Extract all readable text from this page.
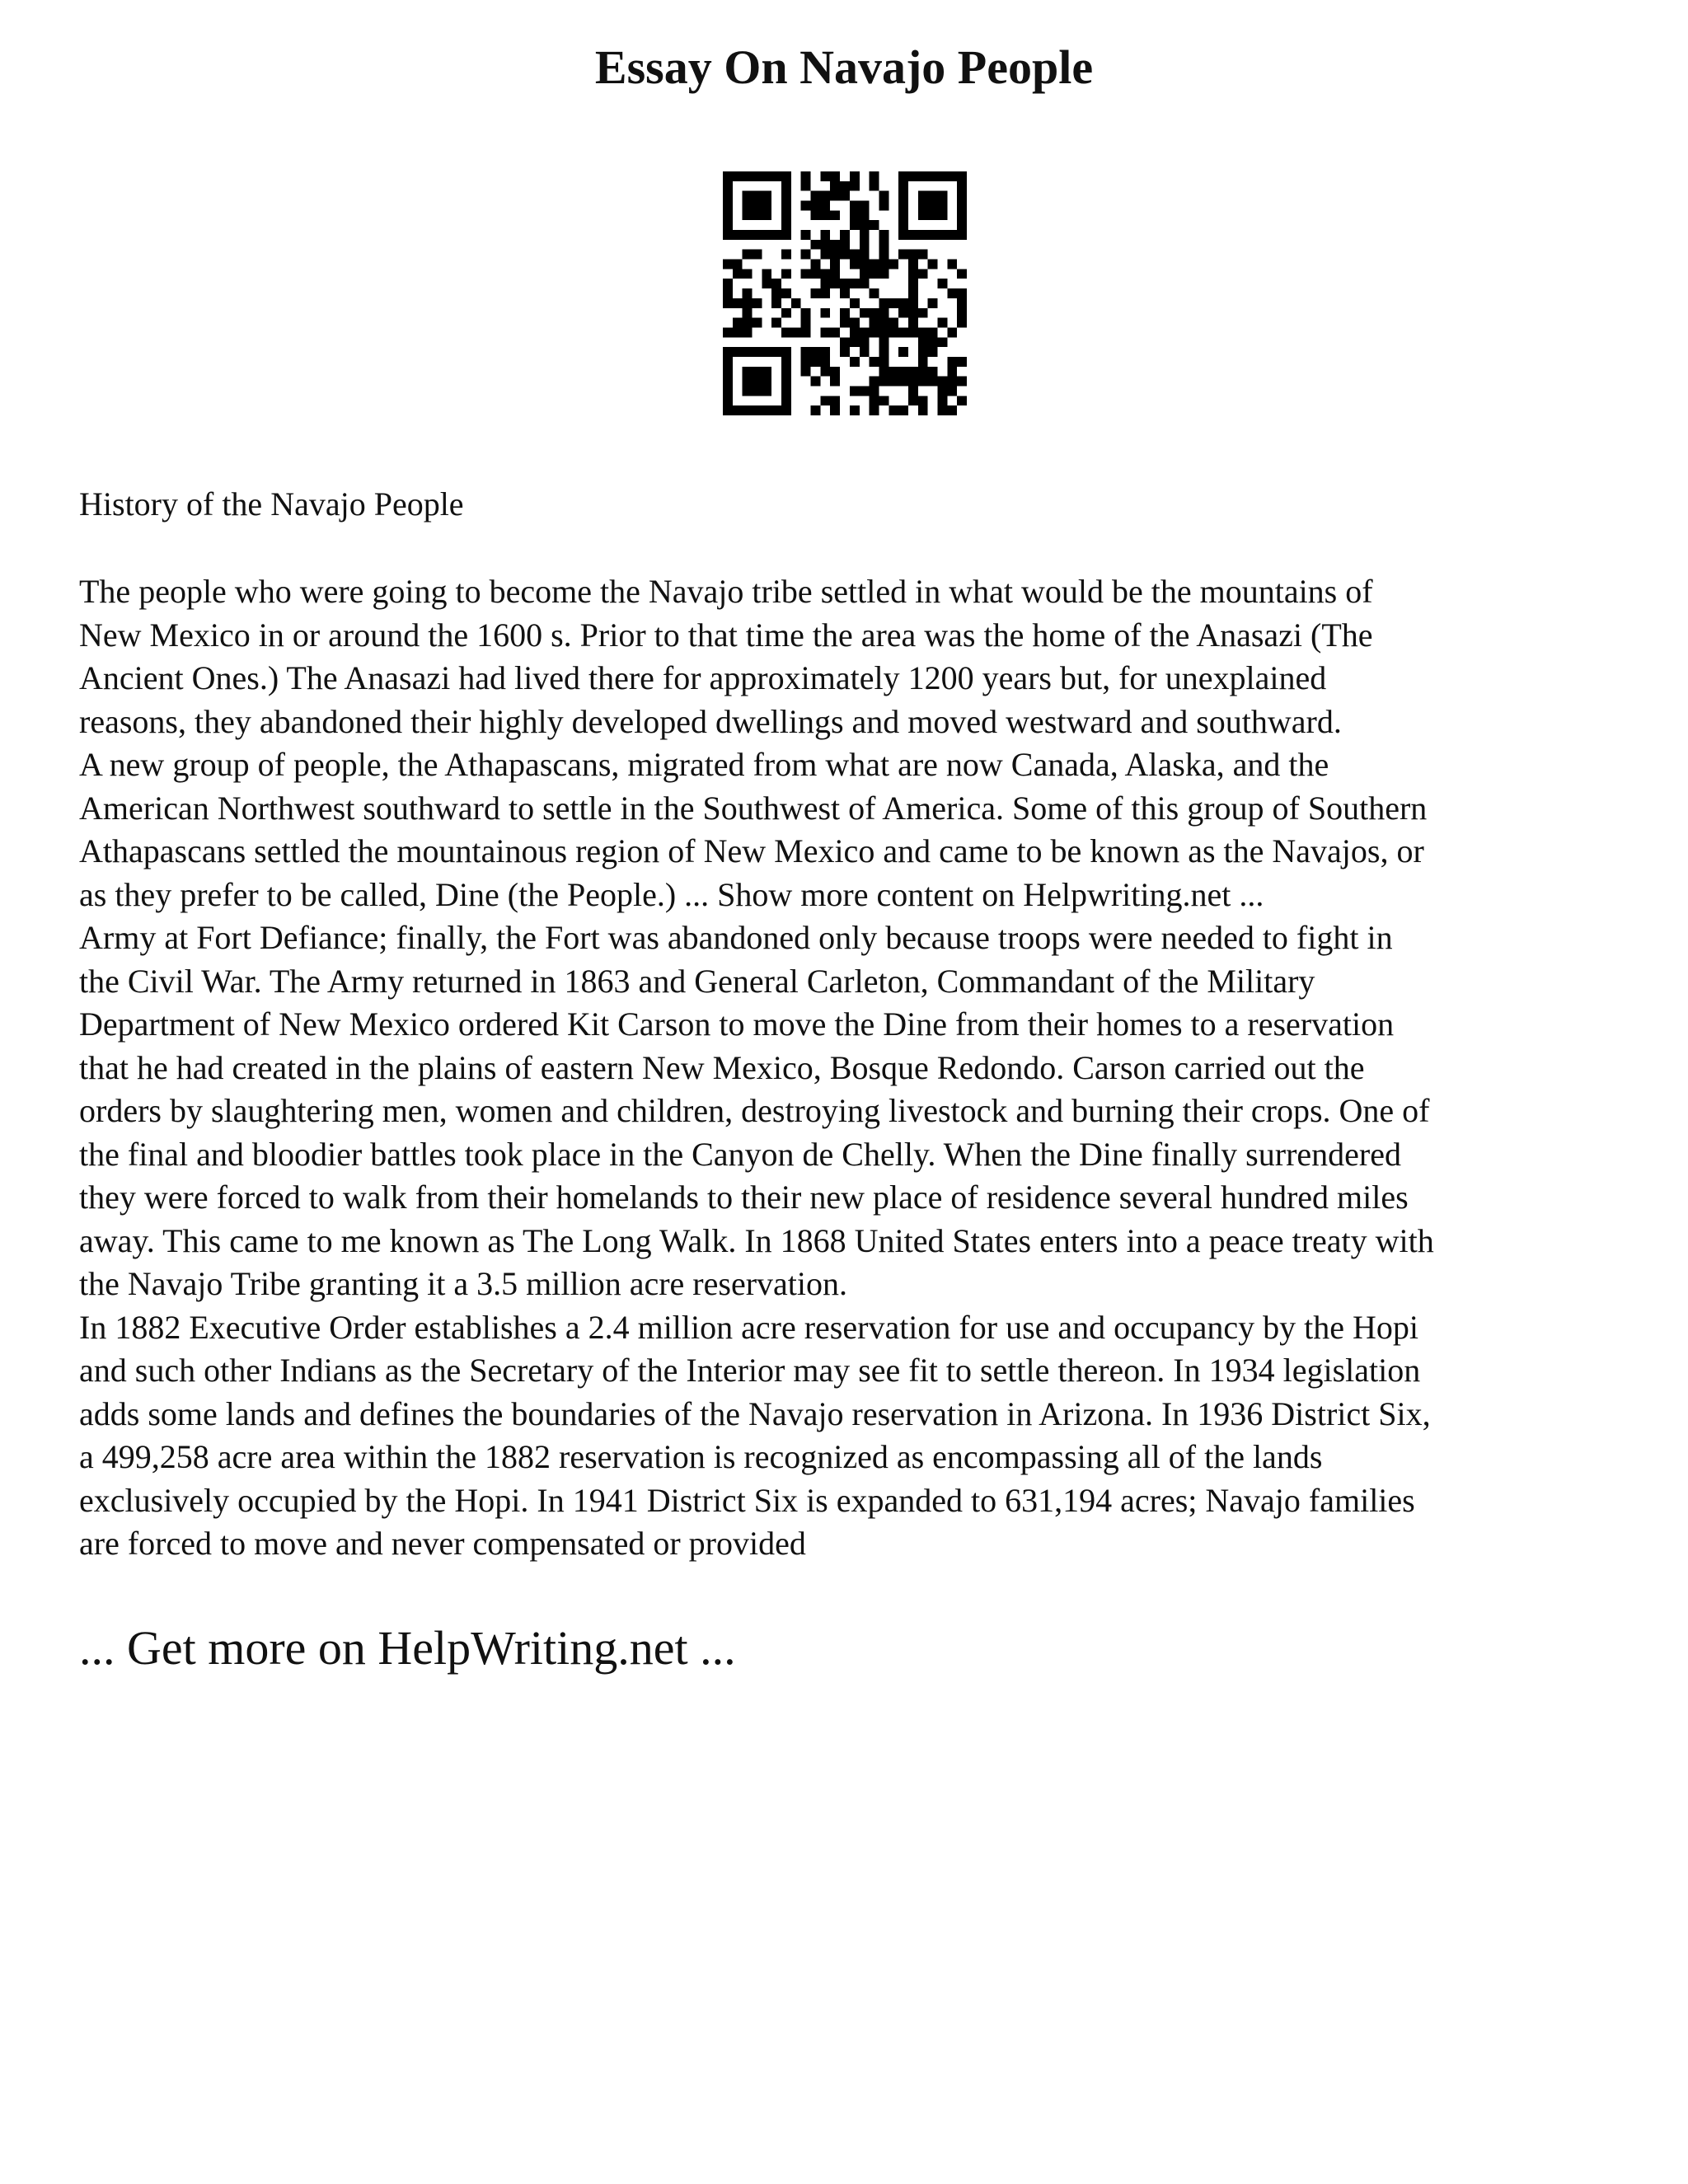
Essay On Navajo People

History of the Navajo People

The people who were going to become the Navajo tribe settled in what would be the mountains of
New Mexico in or around the 1600 s. Prior to that time the area was the home of the Anasazi (The
Ancient Ones.) The Anasazi had lived there for approximately 1200 years but, for unexplained
reasons, they abandoned their highly developed dwellings and moved westward and southward.
A new group of people, the Athapascans, migrated from what are now Canada, Alaska, and the
American Northwest southward to settle in the Southwest of America. Some of this group of Southern
Athapascans settled the mountainous region of New Mexico and came to be known as the Navajos, or
as they prefer to be called, Dine (the People.) ... Show more content on Helpwriting.net ...
Army at Fort Defiance; finally, the Fort was abandoned only because troops were needed to fight in
the Civil War. The Army returned in 1863 and General Carleton, Commandant of the Military
Department of New Mexico ordered Kit Carson to move the Dine from their homes to a reservation
that he had created in the plains of eastern New Mexico, Bosque Redondo. Carson carried out the
orders by slaughtering men, women and children, destroying livestock and burning their crops. One of
the final and bloodier battles took place in the Canyon de Chelly. When the Dine finally surrendered
they were forced to walk from their homelands to their new place of residence several hundred miles
away. This came to me known as The Long Walk. In 1868 United States enters into a peace treaty with
the Navajo Tribe granting it a 3.5 million acre reservation.
In 1882 Executive Order establishes a 2.4 million acre reservation for use and occupancy by the Hopi
and such other Indians as the Secretary of the Interior may see fit to settle thereon. In 1934 legislation
adds some lands and defines the boundaries of the Navajo reservation in Arizona. In 1936 District Six,
a 499,258 acre area within the 1882 reservation is recognized as encompassing all of the lands
exclusively occupied by the Hopi. In 1941 District Six is expanded to 631,194 acres; Navajo families
are forced to move and never compensated or provided

... Get more on HelpWriting.net ...
